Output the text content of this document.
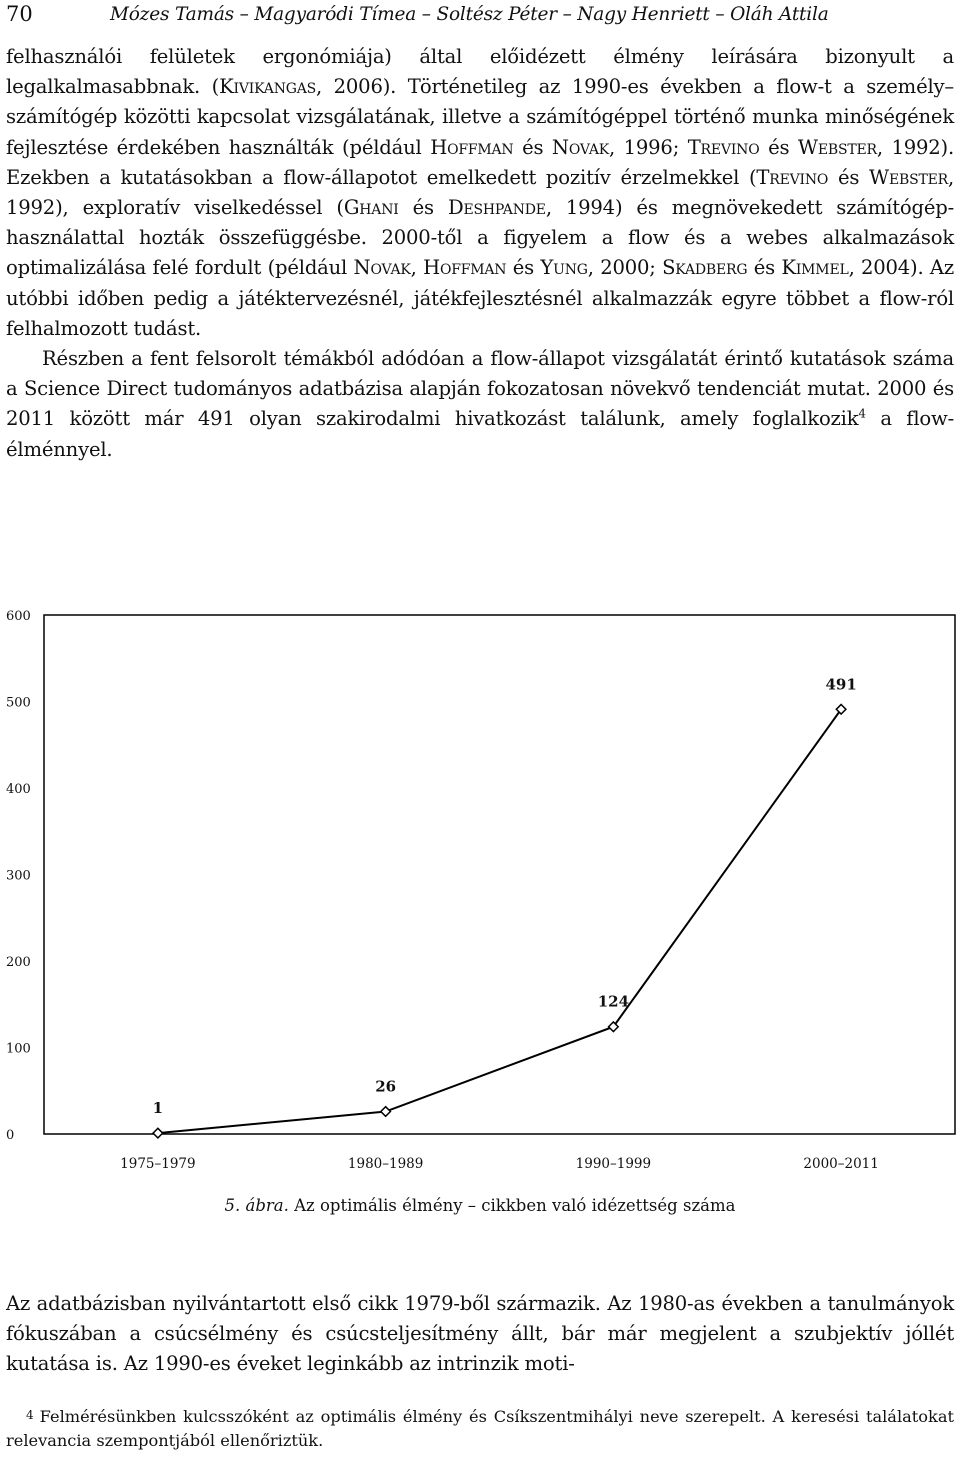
70	Mózes Tamás – Magyaródi Tímea – Soltész Péter – Nagy Henriett – Oláh Attila

felhasználói felületek ergonómiája) által előidézett élmény leírására bizonyult a legalkalmasabbnak. (Kivikangas, 2006). Történetileg az 1990-es években a flow-t a személy–számítógép közötti kapcsolat vizsgálatának, illetve a számítógéppel történő munka minőségének fejlesztése érdekében használták (például Hoffman és Novak, 1996; Trevino és Webster, 1992). Ezekben a kutatásokban a flow-állapotot emelkedett pozitív érzelmekkel (Trevino és Webster, 1992), exploratív viselkedéssel (Ghani és Deshpande, 1994) és megnövekedett számítógép-használattal hozták összefüggésbe. 2000-től a figyelem a flow és a webes alkalmazások optimalizálása felé fordult (például Novak, Hoffman és Yung, 2000; Skadberg és Kimmel, 2004). Az utóbbi időben pedig a játéktervezésnél, játékfejlesztésnél alkalmazzák egyre többet a flow-ról felhalmozott tudást.

Részben a fent felsorolt témákból adódóan a flow-állapot vizsgálatát érintő kutatások száma a Science Direct tudományos adatbázisa alapján fokozatosan növekvő tendenciát mutat. 2000 és 2011 között már 491 olyan szakirodalmi hivatkozást találunk, amely foglalkozik$^4$ a flow-élménnyel.

0
100
200
300
400
500
600
1975–1979	1980–1989	1990–1999	2000–2011
1
26
124
491
5. ábra. Az optimális élmény – cikkben való idézettség száma

Az adatbázisban nyilvántartott első cikk 1979-ből származik. Az 1980-as években a tanulmányok fókuszában a csúcsélmény és csúcsteljesítmény állt, bár már megjelent a szubjektív jóllét kutatása is. Az 1990-es éveket leginkább az intrinzik moti-

$^4$ Felmérésünkben kulcsszóként az optimális élmény és Csíkszentmihályi neve szerepelt. A keresési találatokat relevancia szempontjából ellenőriztük.
